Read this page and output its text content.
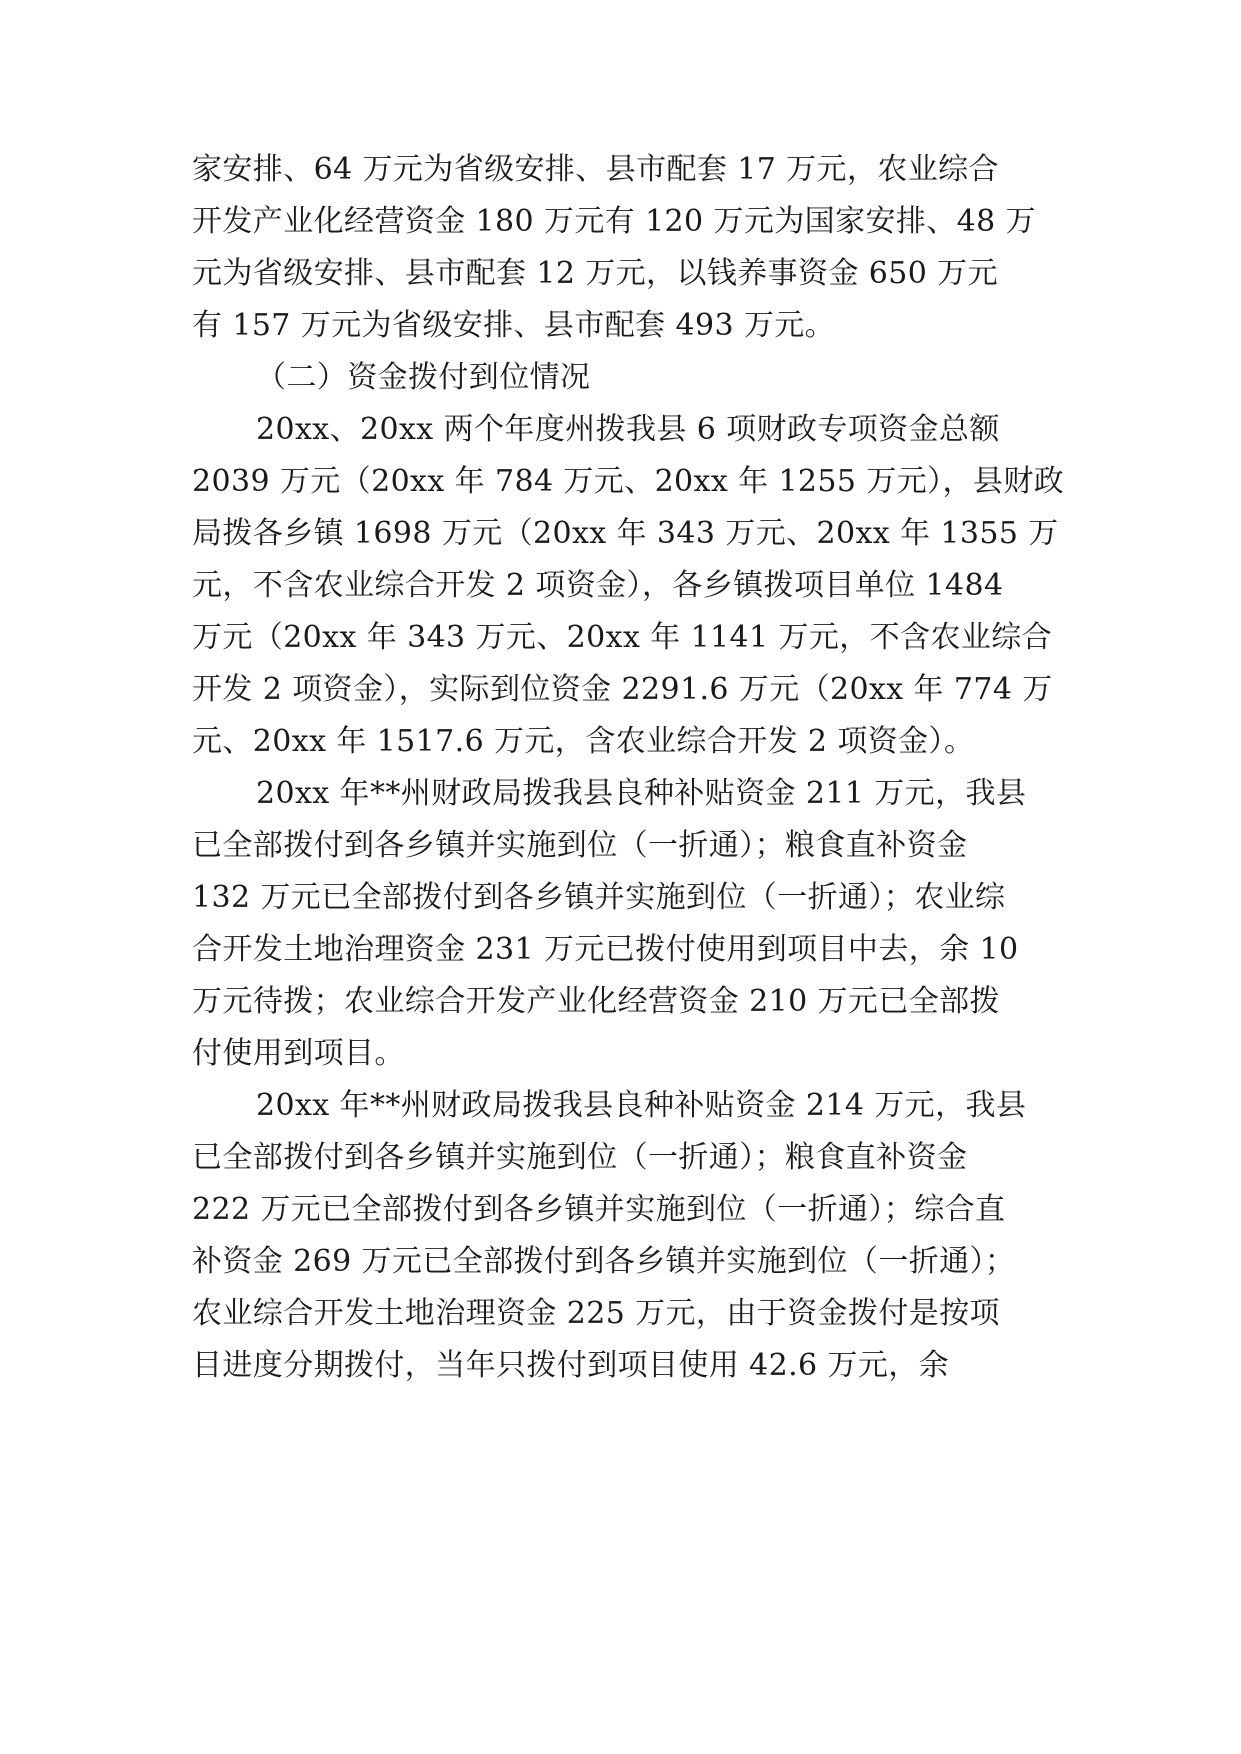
家安排、64 万元为省级安排、县市配套 17 万元，农业综合
开发产业化经营资金 180 万元有 120 万元为国家安排、48 万
元为省级安排、县市配套 12 万元，以钱养事资金 650 万元
有 157 万元为省级安排、县市配套 493 万元。
（二）资金拨付到位情况
20xx、20xx 两个年度州拨我县 6 项财政专项资金总额
2039 万元（20xx 年 784 万元、20xx 年 1255 万元），县财政
局拨各乡镇 1698 万元（20xx 年 343 万元、20xx 年 1355 万
元，不含农业综合开发 2 项资金），各乡镇拨项目单位 1484
万元（20xx 年 343 万元、20xx 年 1141 万元，不含农业综合
开发 2 项资金），实际到位资金 2291.6 万元（20xx 年 774 万
元、20xx 年 1517.6 万元，含农业综合开发 2 项资金）。
20xx 年**州财政局拨我县良种补贴资金 211 万元，我县
已全部拨付到各乡镇并实施到位（一折通）；粮食直补资金
132 万元已全部拨付到各乡镇并实施到位（一折通）；农业综
合开发土地治理资金 231 万元已拨付使用到项目中去，余 10
万元待拨；农业综合开发产业化经营资金 210 万元已全部拨
付使用到项目。
20xx 年**州财政局拨我县良种补贴资金 214 万元，我县
已全部拨付到各乡镇并实施到位（一折通）；粮食直补资金
222 万元已全部拨付到各乡镇并实施到位（一折通）；综合直
补资金 269 万元已全部拨付到各乡镇并实施到位（一折通）；
农业综合开发土地治理资金 225 万元，由于资金拨付是按项
目进度分期拨付，当年只拨付到项目使用 42.6 万元，余
